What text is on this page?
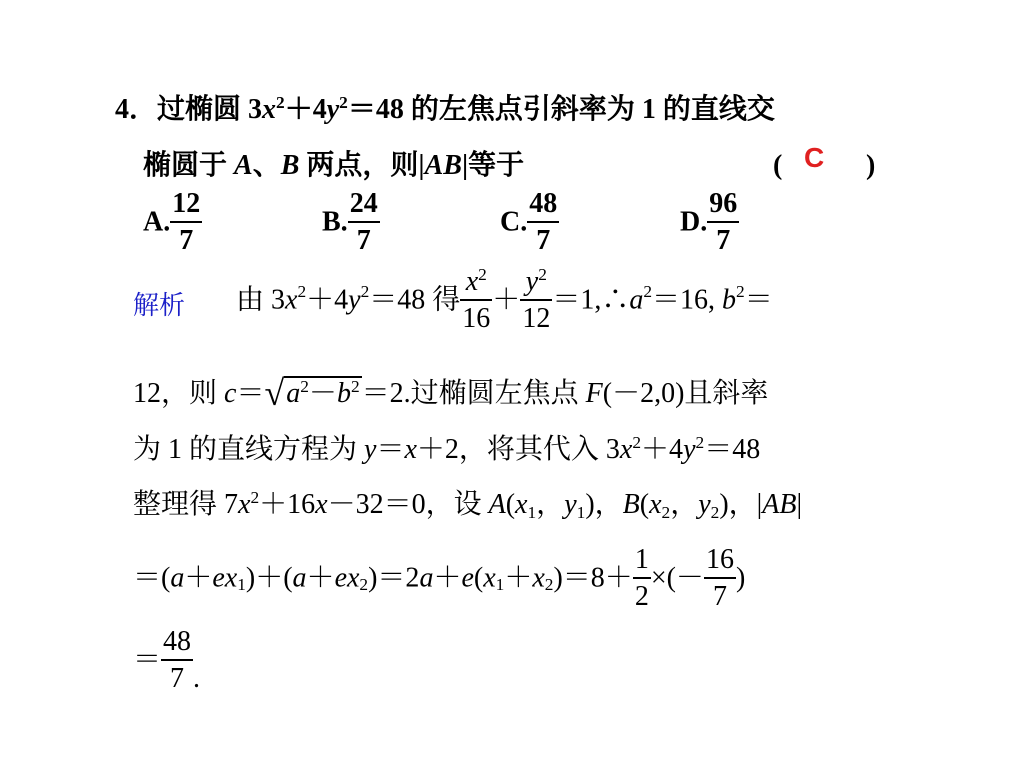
4．过椭圆 $3x^2+4y^2=48$ 的左焦点引斜率为 1 的直线交
椭圆于 A、B 两点，则|AB|等于	( C )
A. $\frac{12}{7}$	B. $\frac{24}{7}$	C. $\frac{48}{7}$	D. $\frac{96}{7}$
解析 由 $3x^2+4y^2=48$ 得 $\frac{x^2}{16} + \frac{y^2}{12}$ $=1,\therefore a^2=16$, $b^2=$
12，则 $c=√a^2-b^2=2$.过椭圆左焦点 F(－2,0)且斜率
为 1 的直线方程为 y＝x＋2，将其代入 $3x^2+4y^2=48$
整理得 $7x^2+16x-32=0$，设 $A(x_1$，$y_1$)，$B(x_2$，$y_2$)，|AB|
$=(a+ex_1)+(a+ex_2)=2a+e(x_1+x_2)=8+ \frac{1}{2}$ ×(－ $\frac{16}{7}$ )
＝ $\frac{48}{7}$ .
